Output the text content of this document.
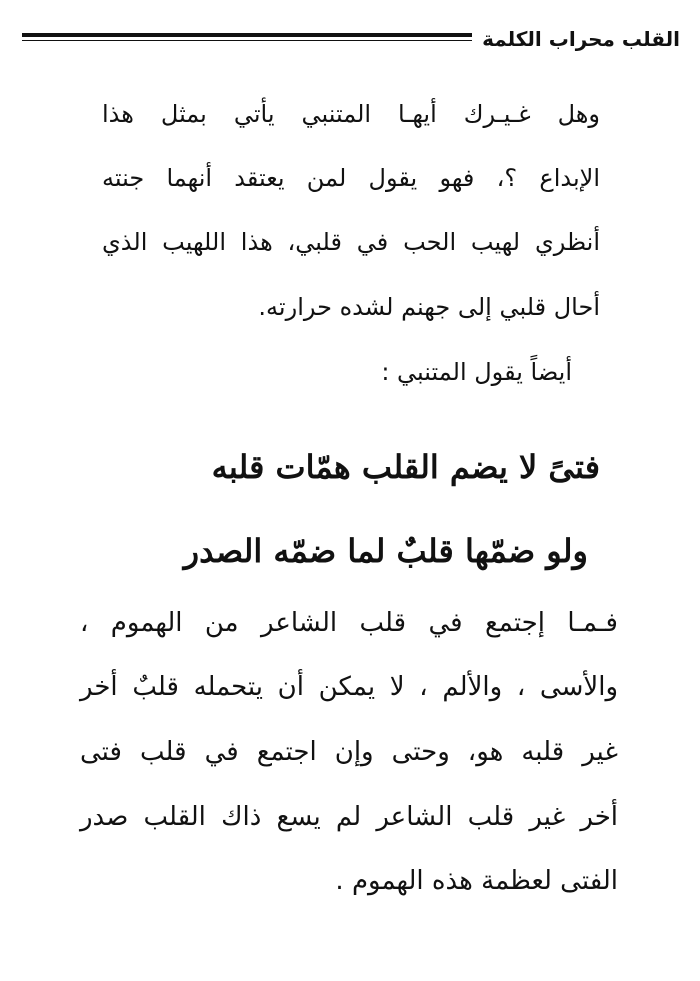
القلب محراب الكلمة
وهل غـيـرك أيهـا المتنبي يأتي بمثل هذا
الإبداع ؟، فهو يقول لمن يعتقد أنهما جنته
أنظري لهيب الحب في قلبي، هذا اللهيب الذي
أحال قلبي إلى جهنم لشده حرارته.
أيضاً يقول المتنبي :
فتىً لا يضم القلب همّات قلبه
ولو ضمّها قلبٌ لما ضمّه الصدر
فـمـا إجتمع في قلب الشاعر من الهموم ،
والأسى ، والألم ، لا يمكن أن يتحمله قلبٌ أخر
غير قلبه هو، وحتى وإن اجتمع في قلب فتى
أخر غير قلب الشاعر لم يسع ذاك القلب صدر
الفتى لعظمة هذه الهموم .
